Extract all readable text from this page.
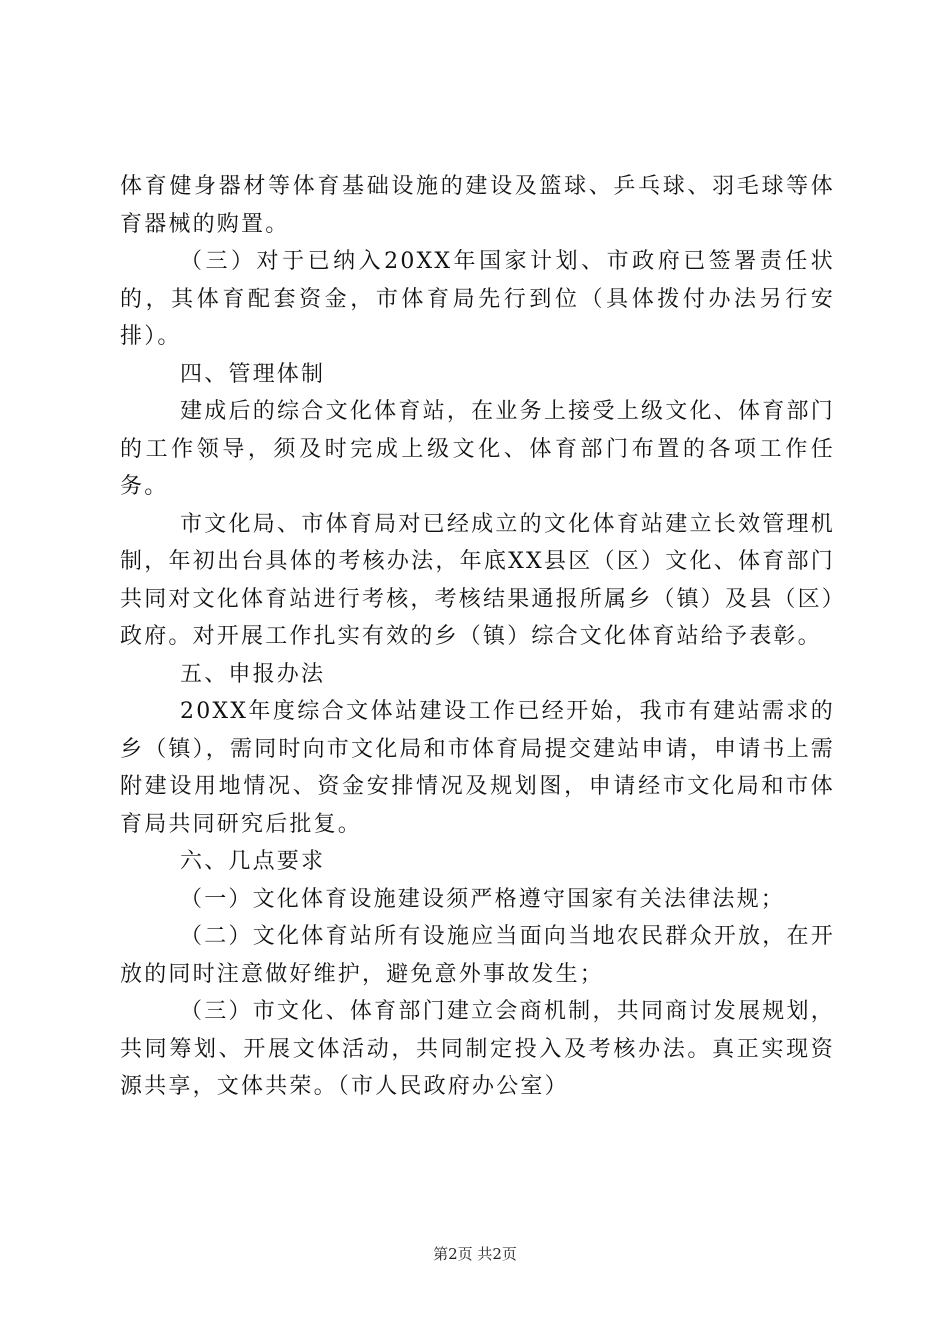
体育健身器材等体育基础设施的建设及篮球、乒乓球、羽毛球等体育器械的购置。

（三）对于已纳入20XX年国家计划、市政府已签署责任状的，其体育配套资金，市体育局先行到位（具体拨付办法另行安排）。

四、管理体制

建成后的综合文化体育站，在业务上接受上级文化、体育部门的工作领导，须及时完成上级文化、体育部门布置的各项工作任务。

市文化局、市体育局对已经成立的文化体育站建立长效管理机制，年初出台具体的考核办法，年底XX县区（区）文化、体育部门共同对文化体育站进行考核，考核结果通报所属乡（镇）及县（区）政府。对开展工作扎实有效的乡（镇）综合文化体育站给予表彰。

五、申报办法

20XX年度综合文体站建设工作已经开始，我市有建站需求的乡（镇），需同时向市文化局和市体育局提交建站申请，申请书上需附建设用地情况、资金安排情况及规划图，申请经市文化局和市体育局共同研究后批复。

六、几点要求

（一）文化体育设施建设须严格遵守国家有关法律法规；

（二）文化体育站所有设施应当面向当地农民群众开放，在开放的同时注意做好维护，避免意外事故发生；

（三）市文化、体育部门建立会商机制，共同商讨发展规划，共同筹划、开展文体活动，共同制定投入及考核办法。真正实现资源共享，文体共荣。（市人民政府办公室）

第2页 共2页
